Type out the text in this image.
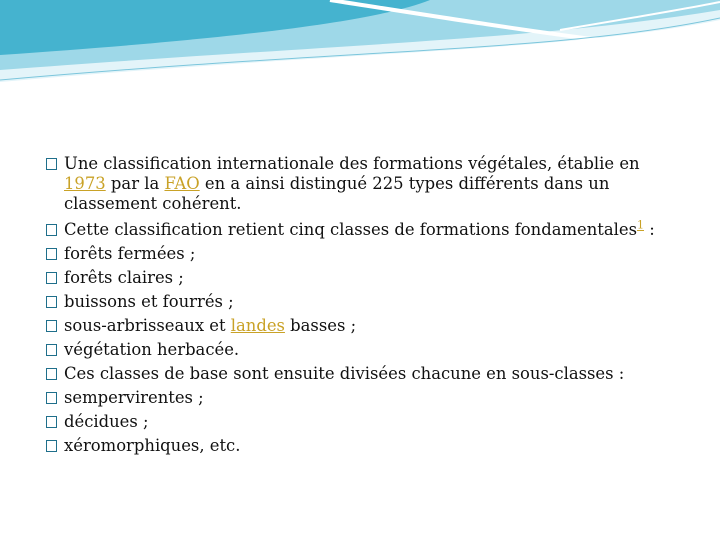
Une classification internationale des formations végétales, établie en
1973 par la FAO en a ainsi distingué 225 types différents dans un classement cohérent.

Cette classification retient cinq classes de formations fondamentales$^1$ :

forêts fermées ;

forêts claires ;

buissons et fourrés ;

sous-arbrisseaux et landes basses ;

végétation herbacée.

Ces classes de base sont ensuite divisées chacune en sous-classes :

sempervirentes ;

décidues ;

xéromorphiques, etc.
